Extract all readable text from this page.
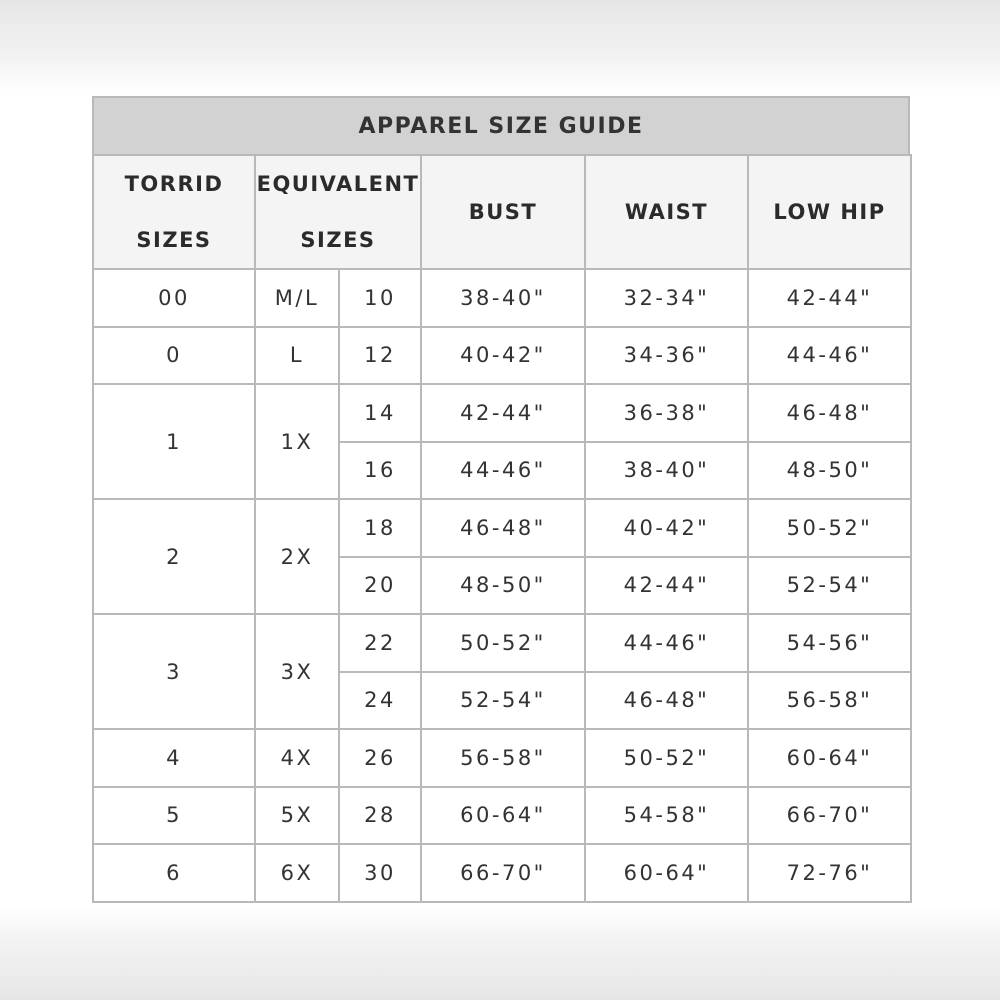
APPAREL SIZE GUIDE
TORRID SIZES	EQUIVALENT SIZES		BUST	WAIST	LOW HIP
00	M/L	10	38-40"	32-34"	42-44"
0	L	12	40-42"	34-36"	44-46"
1	1X	14	42-44"	36-38"	46-48"
		16	44-46"	38-40"	48-50"
2	2X	18	46-48"	40-42"	50-52"
		20	48-50"	42-44"	52-54"
3	3X	22	50-52"	44-46"	54-56"
		24	52-54"	46-48"	56-58"
4	4X	26	56-58"	50-52"	60-64"
5	5X	28	60-64"	54-58"	66-70"
6	6X	30	66-70"	60-64"	72-76"
